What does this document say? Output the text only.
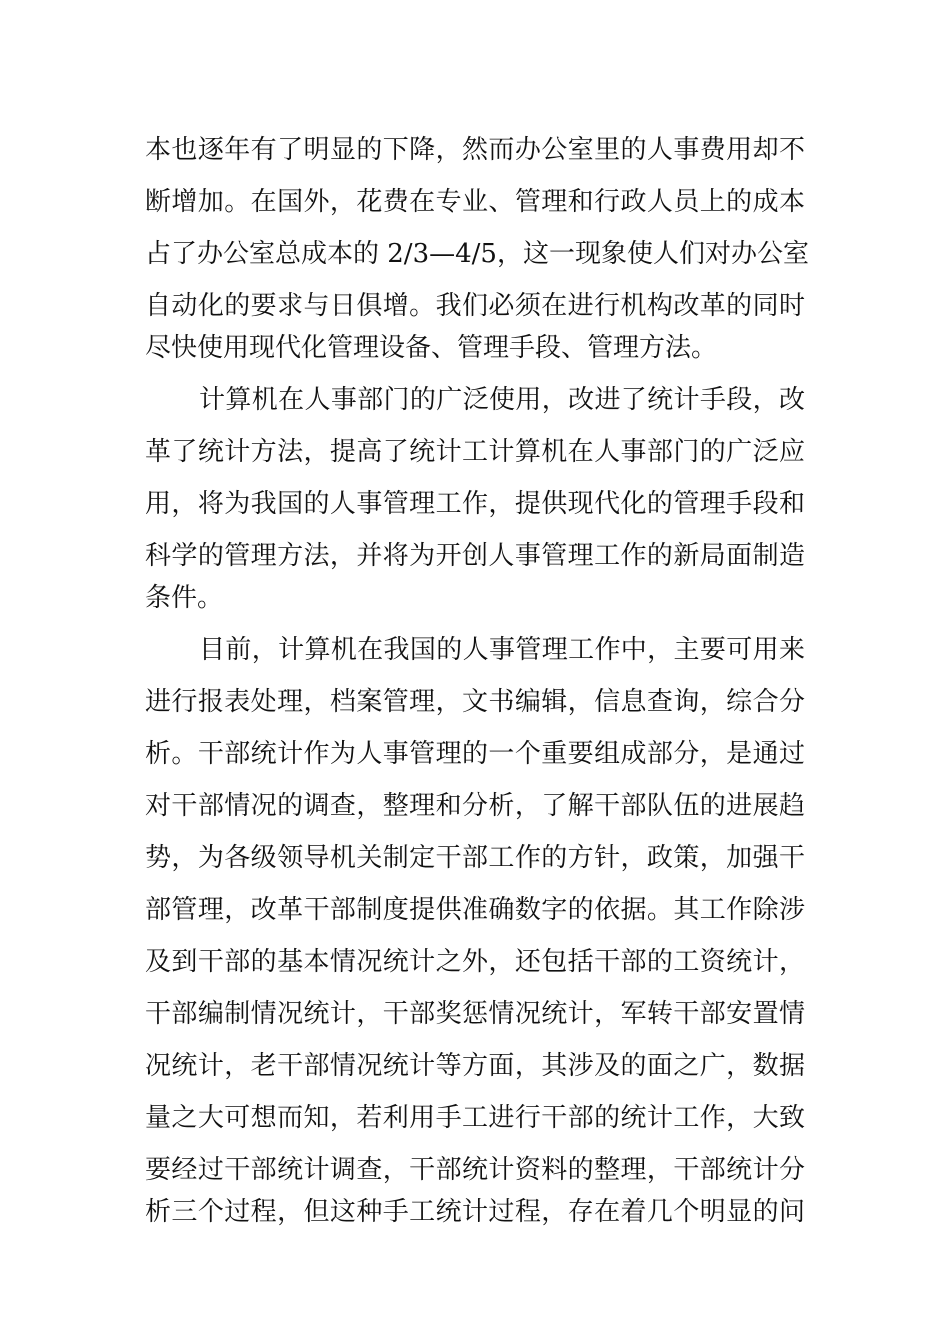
本也逐年有了明显的下降，然而办公室里的人事费用却不

断增加。在国外，花费在专业、管理和行政人员上的成本

占了办公室总成本的 2/3—4/5，这一现象使人们对办公室

自动化的要求与日俱增。我们必须在进行机构改革的同时

尽快使用现代化管理设备、管理手段、管理方法。

计算机在人事部门的广泛使用，改进了统计手段，改

革了统计方法，提高了统计工计算机在人事部门的广泛应

用，将为我国的人事管理工作，提供现代化的管理手段和

科学的管理方法，并将为开创人事管理工作的新局面制造

条件。

目前，计算机在我国的人事管理工作中，主要可用来

进行报表处理，档案管理，文书编辑，信息查询，综合分

析。干部统计作为人事管理的一个重要组成部分，是通过

对干部情况的调查，整理和分析，了解干部队伍的进展趋

势，为各级领导机关制定干部工作的方针，政策，加强干

部管理，改革干部制度提供准确数字的依据。其工作除涉

及到干部的基本情况统计之外，还包括干部的工资统计，

干部编制情况统计，干部奖惩情况统计，军转干部安置情

况统计，老干部情况统计等方面，其涉及的面之广，数据

量之大可想而知，若利用手工进行干部的统计工作，大致

要经过干部统计调查，干部统计资料的整理，干部统计分

析三个过程，但这种手工统计过程，存在着几个明显的问
